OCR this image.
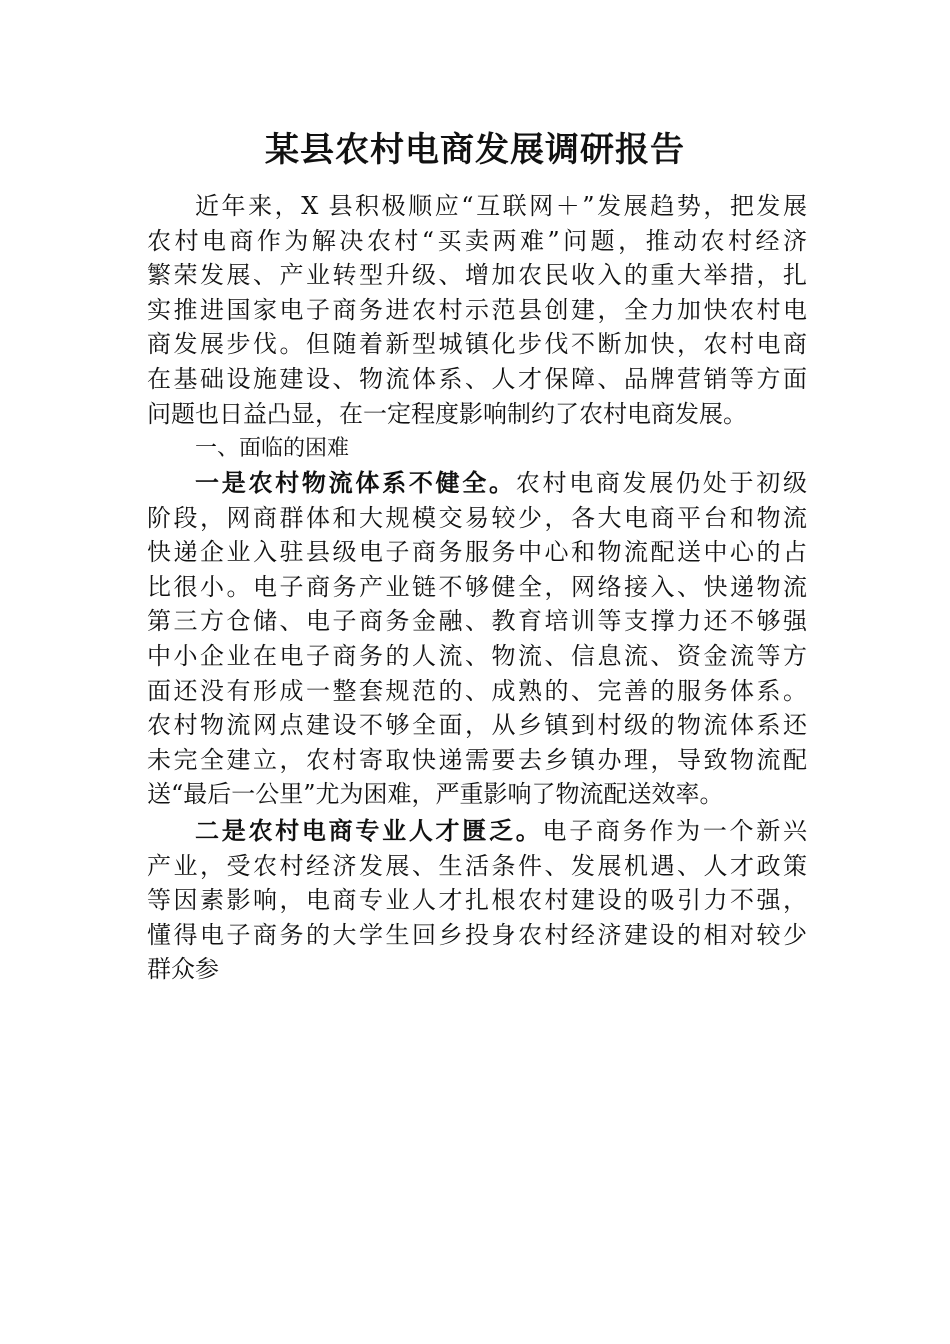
某县农村电商发展调研报告
近年来，X 县积极顺应“互联网＋”发展趋势，把发展
农村电商作为解决农村“买卖两难”问题，推动农村经济
繁荣发展、产业转型升级、增加农民收入的重大举措，扎
实推进国家电子商务进农村示范县创建，全力加快农村电
商发展步伐。但随着新型城镇化步伐不断加快，农村电商
在基础设施建设、物流体系、人才保障、品牌营销等方面
问题也日益凸显，在一定程度影响制约了农村电商发展。
一、面临的困难
一是农村物流体系不健全。农村电商发展仍处于初级
阶段，网商群体和大规模交易较少，各大电商平台和物流
快递企业入驻县级电子商务服务中心和物流配送中心的占
比很小。电子商务产业链不够健全，网络接入、快递物流
第三方仓储、电子商务金融、教育培训等支撑力还不够强
中小企业在电子商务的人流、物流、信息流、资金流等方
面还没有形成一整套规范的、成熟的、完善的服务体系。
农村物流网点建设不够全面，从乡镇到村级的物流体系还
未完全建立，农村寄取快递需要去乡镇办理，导致物流配
送“最后一公里”尤为困难，严重影响了物流配送效率。
二是农村电商专业人才匮乏。电子商务作为一个新兴
产业，受农村经济发展、生活条件、发展机遇、人才政策
等因素影响，电商专业人才扎根农村建设的吸引力不强，
懂得电子商务的大学生回乡投身农村经济建设的相对较少
群众参
